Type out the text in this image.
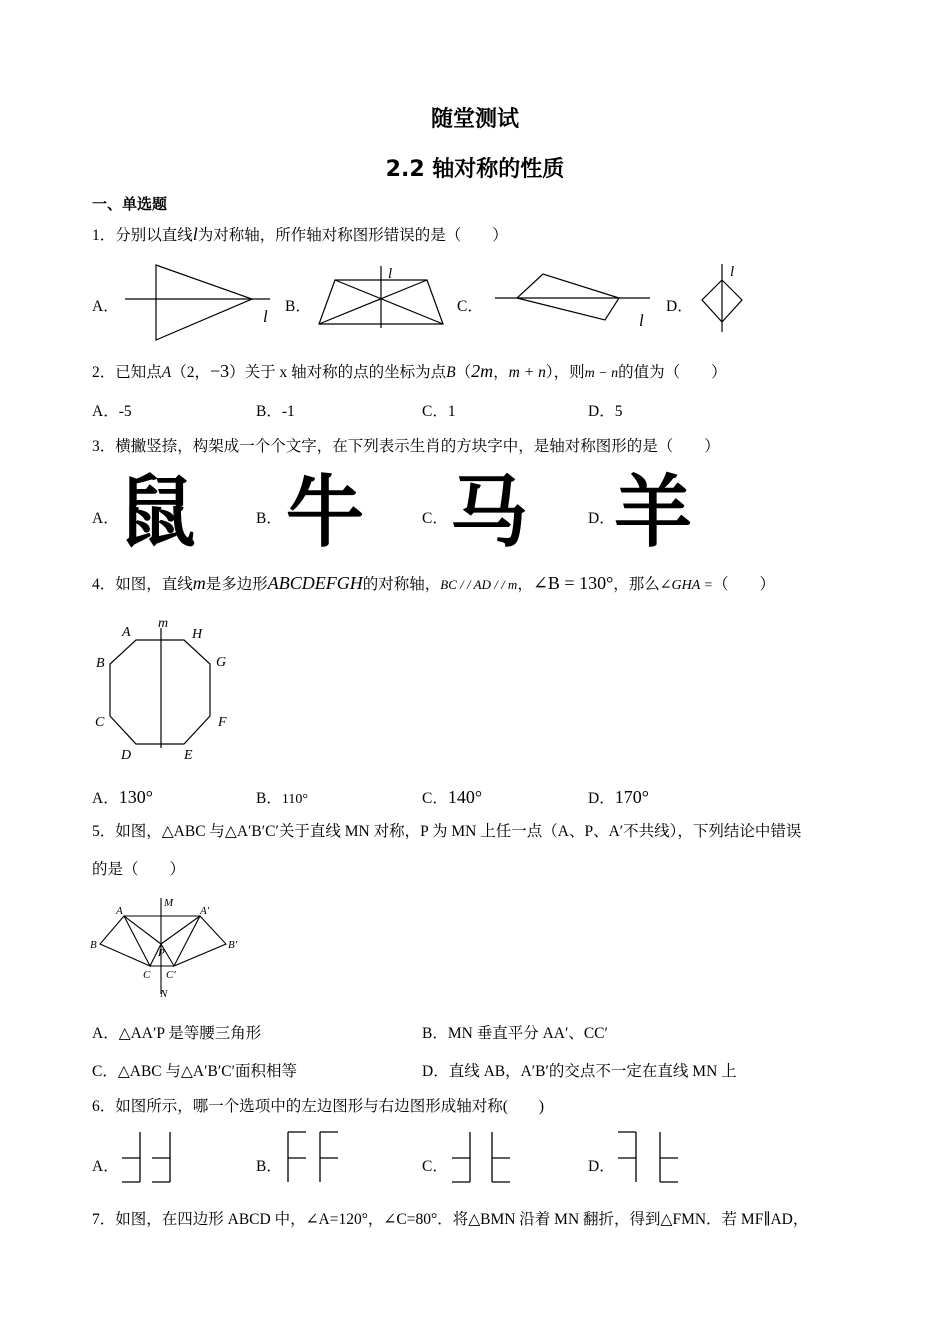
随堂测试
2.2 轴对称的性质
一、单选题
1．分别以直线l为对称轴，所作轴对称图形错误的是（　　）
A．	B．	C．	D．
l
l
l
l
2．已知点A（2，−3）关于 x 轴对称的点的坐标为点B（2m，m + n），则m − n的值为（　　）
A．-5	B．-1	C．1	D．5
3．横撇竖捺，构架成一个个文字，在下列表示生肖的方块字中，是轴对称图形的是（　　）
A． 鼠	B． 牛	C． 马	D． 羊
4．如图，直线m是多边形ABCDEFGH的对称轴，BC / / AD / / m，∠B = 130°，那么∠GHA =（　　）
A
m
H
B	G
C	F
D	E
A．130°	B．110°	C．140°	D．170°
5．如图，△ABC 与△A′B′C′关于直线 MN 对称，P 为 MN 上任一点（A、P、A′不共线），下列结论中错误
的是（　　）
M
A	A′
B	B′
P
C C′
N
A．△AA′P 是等腰三角形	B．MN 垂直平分 AA′、CC′
C．△ABC 与△A′B′C′面积相等	D．直线 AB，A′B′的交点不一定在直线 MN 上
6．如图所示，哪一个选项中的左边图形与右边图形成轴对称(　　)
A．	B．	C．	D．
7．如图，在四边形 ABCD 中，∠A=120°，∠C=80°．将△BMN 沿着 MN 翻折，得到△FMN．若 MF∥AD，
